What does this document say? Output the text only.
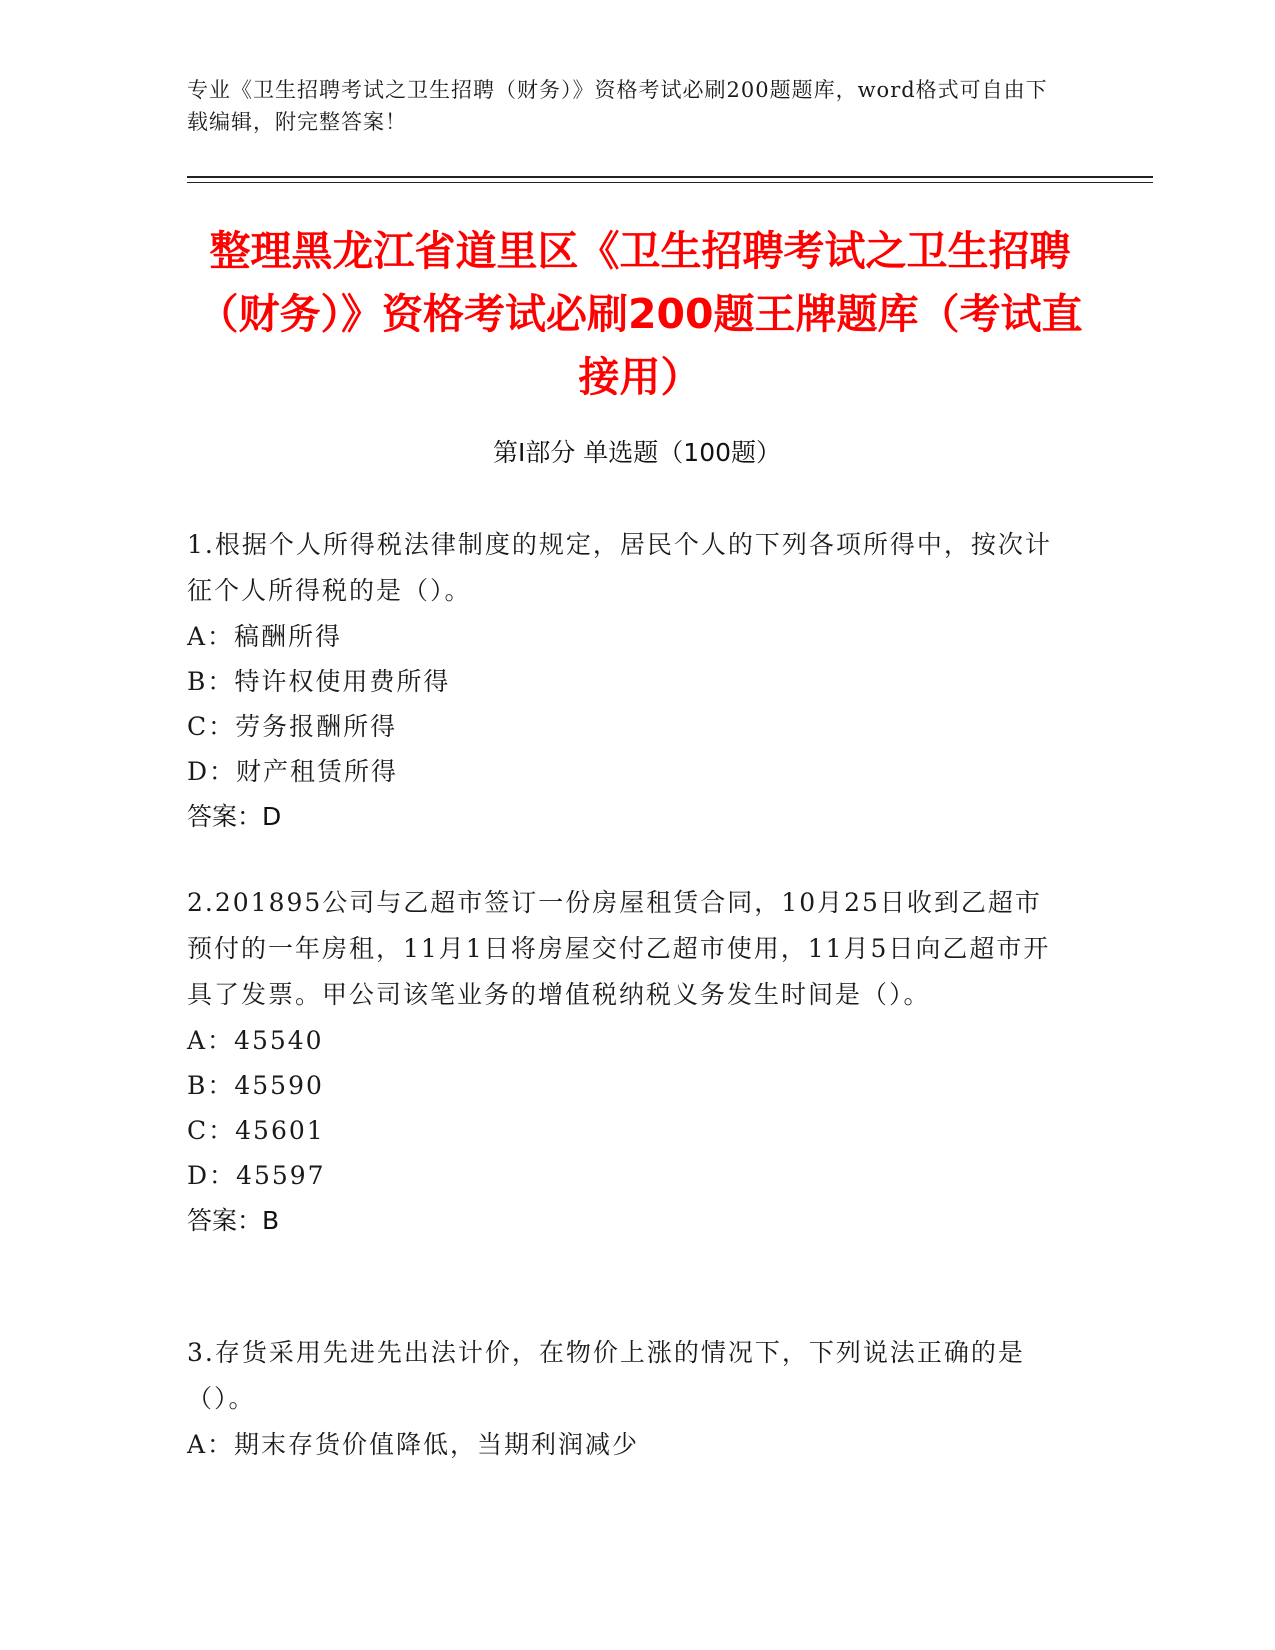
专业《卫生招聘考试之卫生招聘（财务）》资格考试必刷200题题库，word格式可自由下载编辑，附完整答案！
整理黑龙江省道里区《卫生招聘考试之卫生招聘（财务）》资格考试必刷200题王牌题库（考试直接用）
第Ⅰ部分 单选题（100题）
1.根据个人所得税法律制度的规定，居民个人的下列各项所得中，按次计征个人所得税的是（）。
A：稿酬所得
B：特许权使用费所得
C：劳务报酬所得
D：财产租赁所得
答案：D
2.201895公司与乙超市签订一份房屋租赁合同，10月25日收到乙超市预付的一年房租，11月1日将房屋交付乙超市使用，11月5日向乙超市开具了发票。甲公司该笔业务的增值税纳税义务发生时间是（）。
A：45540
B：45590
C：45601
D：45597
答案：B
3.存货采用先进先出法计价，在物价上涨的情况下，下列说法正确的是（）。
A：期末存货价值降低，当期利润减少
